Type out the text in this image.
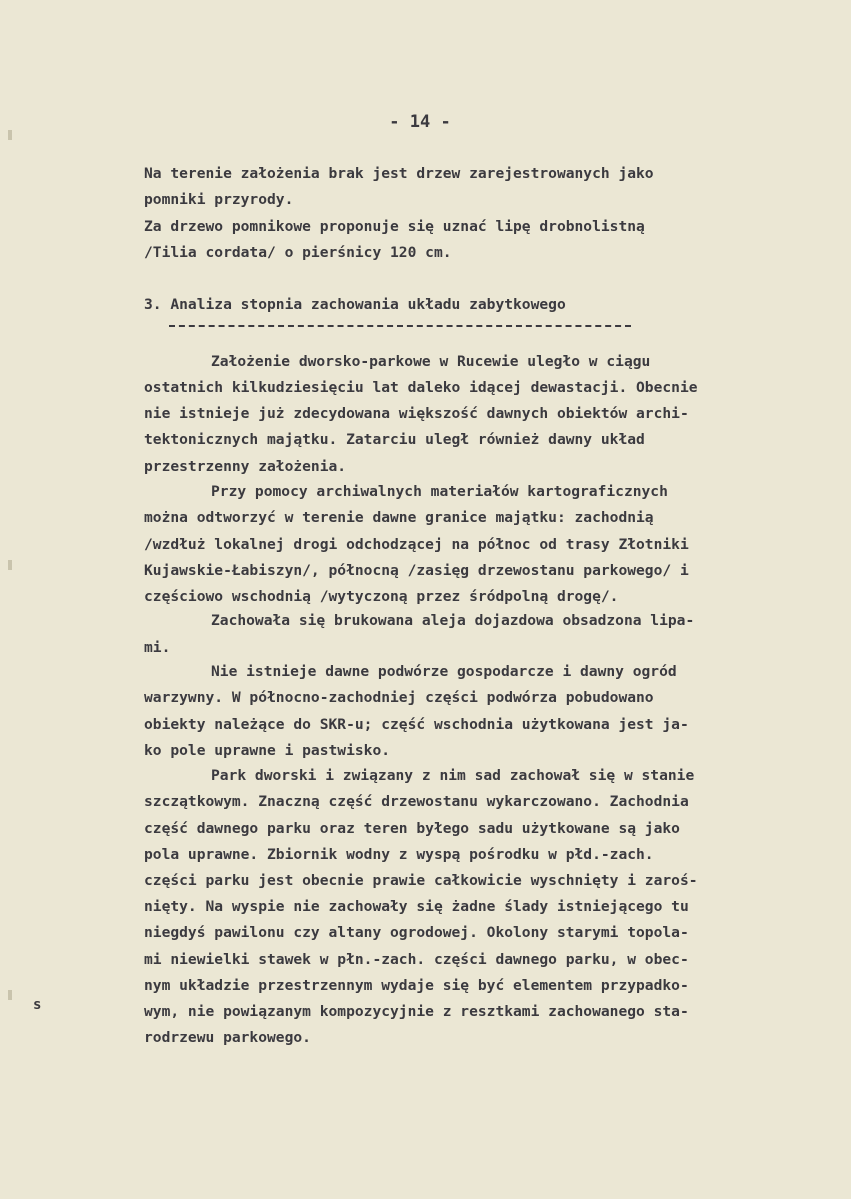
- 14 -
Na terenie założenia brak jest drzew zarejestrowanych jako
pomniki przyrody.
Za drzewo pomnikowe proponuje się uznać lipę drobnolistną
/Tilia cordata/ o pierśnicy 120 cm.
3. Analiza stopnia zachowania układu zabytkowego
Założenie dworsko-parkowe w Rucewie uległo w ciągu
ostatnich kilkudziesięciu lat daleko idącej dewastacji. Obecnie
nie istnieje już zdecydowana większość dawnych obiektów archi-
tektonicznych majątku. Zatarciu uległ również dawny układ
przestrzenny założenia.
Przy pomocy archiwalnych materiałów kartograficznych
można odtworzyć w terenie dawne granice majątku: zachodnią
/wzdłuż lokalnej drogi odchodzącej na północ od trasy Złotniki
Kujawskie-Łabiszyn/, północną /zasięg drzewostanu parkowego/ i
częściowo wschodnią /wytyczoną przez śródpolną drogę/.
Zachowała się brukowana aleja dojazdowa obsadzona lipa-
mi.
Nie istnieje dawne podwórze gospodarcze i dawny ogród
warzywny. W północno-zachodniej części podwórza pobudowano
obiekty należące do SKR-u; część wschodnia użytkowana jest ja-
ko pole uprawne i pastwisko.
Park dworski i związany z nim sad zachował się w stanie
szczątkowym. Znaczną część drzewostanu wykarczowano. Zachodnia
część dawnego parku oraz teren byłego sadu użytkowane są jako
pola uprawne. Zbiornik wodny z wyspą pośrodku w płd.-zach.
części parku jest obecnie prawie całkowicie wyschnięty i zaroś-
nięty. Na wyspie nie zachowały się żadne ślady istniejącego tu
niegdyś pawilonu czy altany ogrodowej. Okolony starymi topola-
mi niewielki stawek w płn.-zach. części dawnego parku, w obec-
nym układzie przestrzennym wydaje się być elementem przypadko-
wym, nie powiązanym kompozycyjnie z resztkami zachowanego sta-
rodrzewu parkowego.
s
